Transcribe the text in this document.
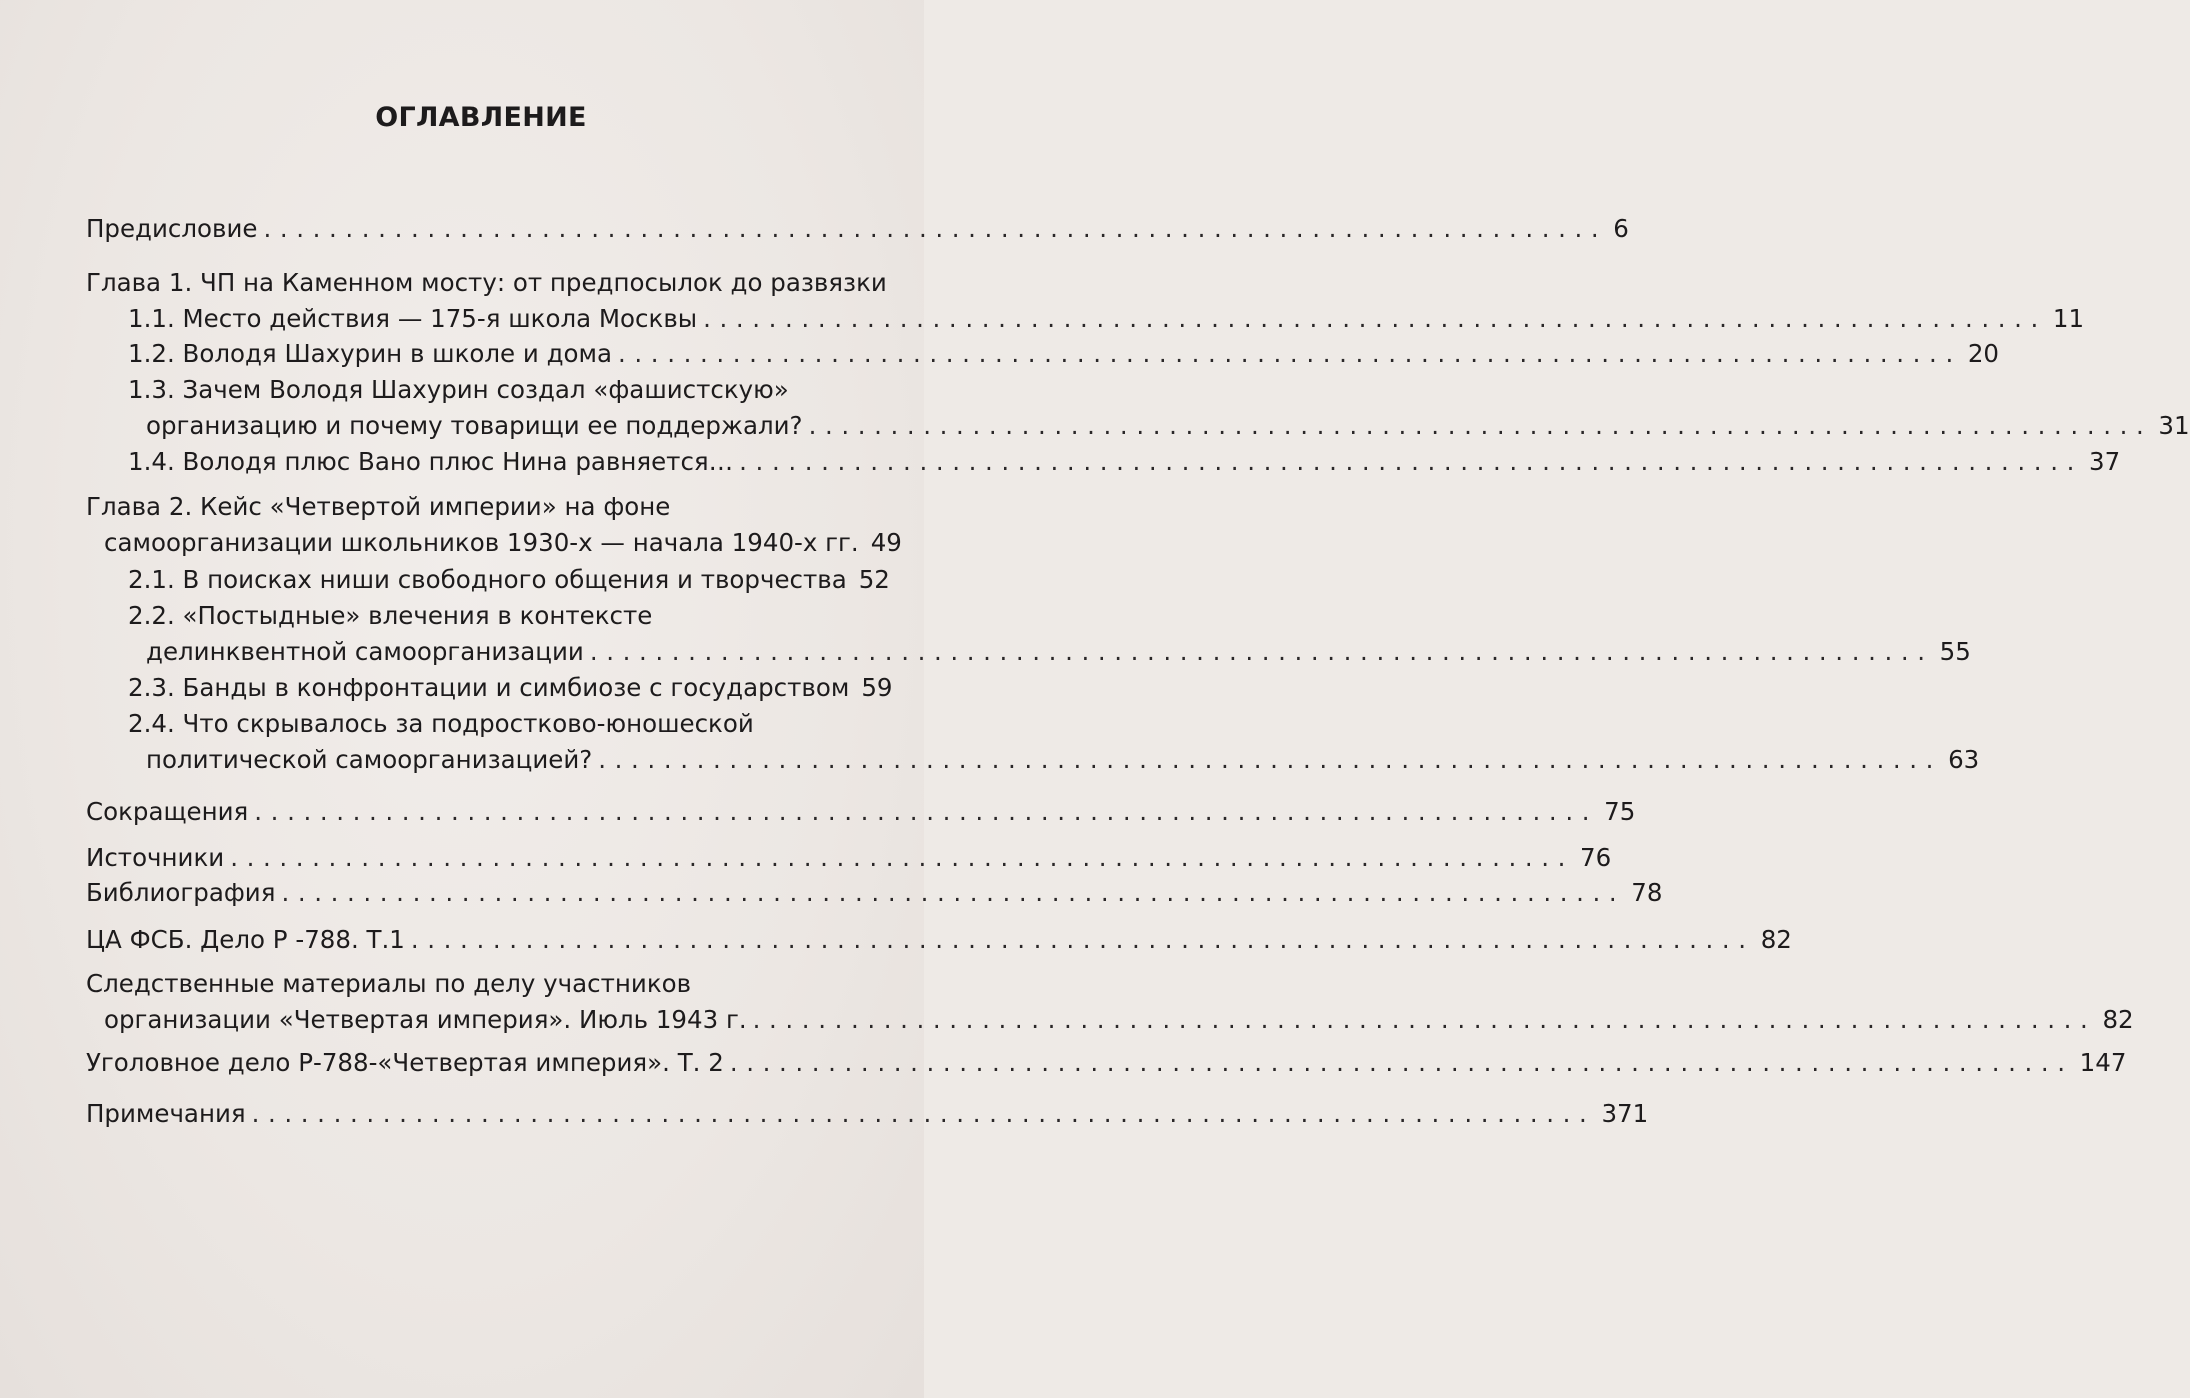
ОГЛАВЛЕНИЕ
Предисловие .................................................................................. 6
Глава 1. ЧП на Каменном мосту: от предпосылок до развязки
1.1. Место действия — 175-я школа Москвы .................................................................................. 11
1.2. Володя Шахурин в школе и дома .................................................................................. 20
1.3. Зачем Володя Шахурин создал «фашистскую»
организацию и почему товарищи ее поддержали? .................................................................................. 31
1.4. Володя плюс Вано плюс Нина равняется… .................................................................................. 37
Глава 2. Кейс «Четвертой империи» на фоне
самоорганизации школьников 1930-х — начала 1940-х гг. 49
2.1. В поисках ниши свободного общения и творчества 52
2.2. «Постыдные» влечения в контексте
делинквентной самоорганизации .................................................................................. 55
2.3. Банды в конфронтации и симбиозе с государством 59
2.4. Что скрывалось за подростково-юношеской
политической самоорганизацией? .................................................................................. 63
Сокращения .................................................................................. 75
Источники .................................................................................. 76
Библиография .................................................................................. 78
ЦА ФСБ. Дело Р -788. Т.1 .................................................................................. 82
Следственные материалы по делу участников
организации «Четвертая империя». Июль 1943 г. .................................................................................. 82
Уголовное дело Р-788-«Четвертая империя». Т. 2 .................................................................................. 147
Примечания .................................................................................. 371
